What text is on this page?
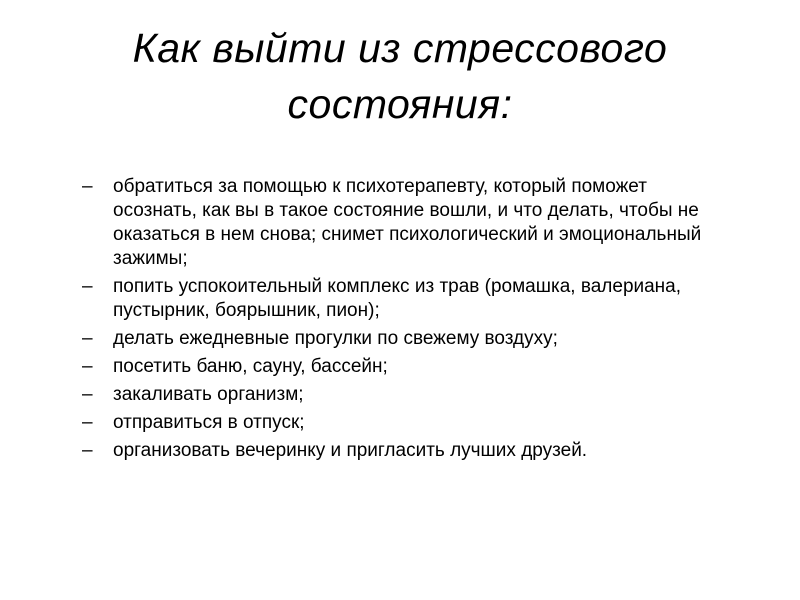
Как выйти из стрессового
состояния:
– обратиться за помощью к психотерапевту, который поможет осознать, как вы в такое состояние вошли, и что делать, чтобы не оказаться в нем снова; снимет психологический и эмоциональный зажимы;
– попить успокоительный комплекс из трав (ромашка, валериана, пустырник, боярышник, пион);
– делать ежедневные прогулки по свежему воздуху;
– посетить баню, сауну, бассейн;
– закаливать организм;
– отправиться в отпуск;
– организовать вечеринку и пригласить лучших друзей.
